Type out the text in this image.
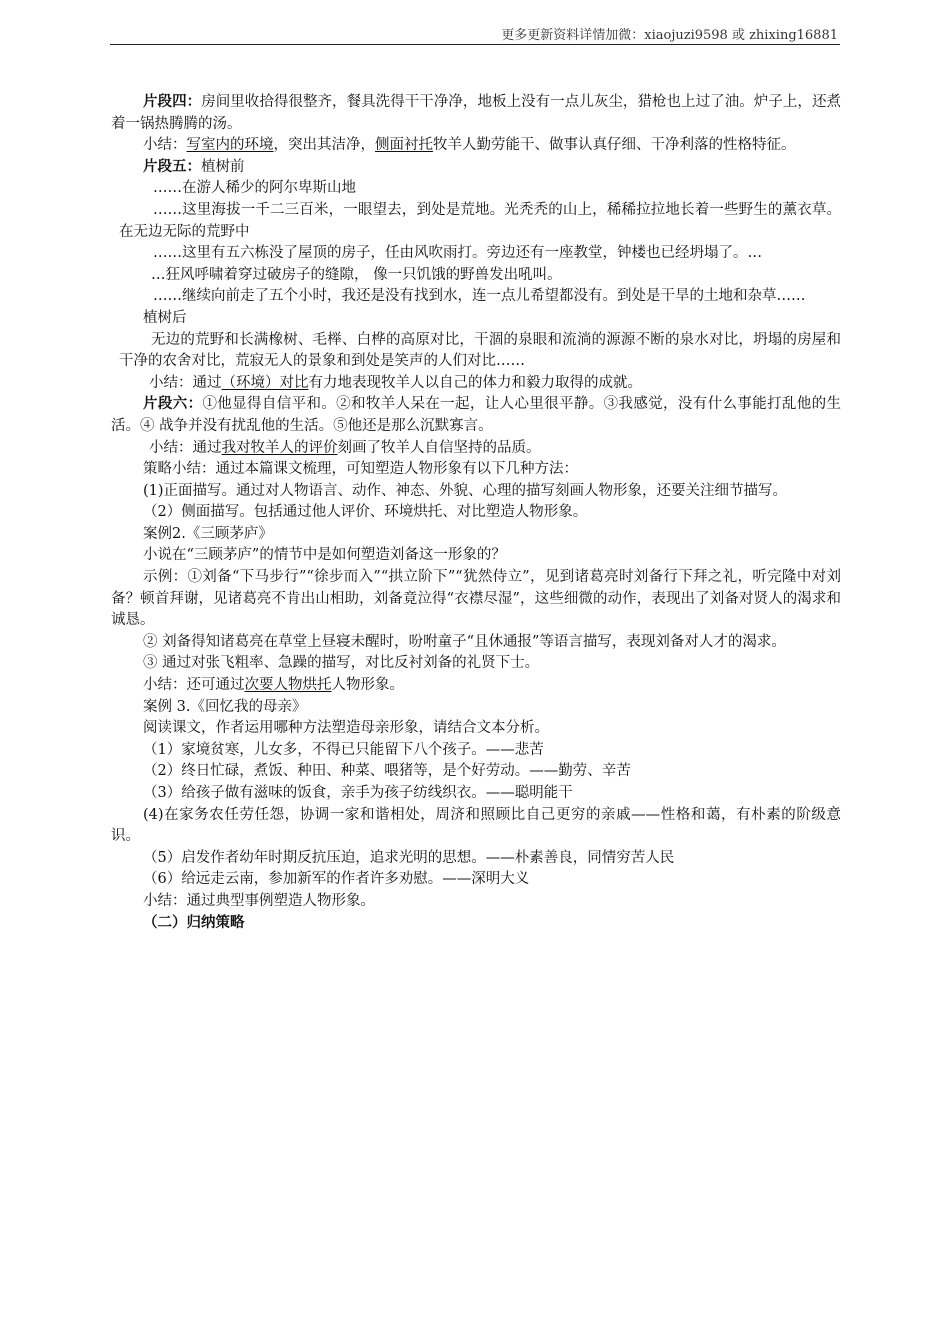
更多更新资料详情加微：xiaojuzi9598 或 zhixing16881

片段四：房间里收拾得很整齐，餐具洗得干干净净，地板上没有一点儿灰尘，猎枪也上过了油。炉子上，还煮着一锅热腾腾的汤。

小结：写室内的环境，突出其洁净，侧面衬托牧羊人勤劳能干、做事认真仔细、干净利落的性格特征。

片段五：植树前

……在游人稀少的阿尔卑斯山地

……这里海拔一千二三百米，一眼望去，到处是荒地。光秃秃的山上，稀稀拉拉地长着一些野生的薰衣草。在无边无际的荒野中

……这里有五六栋没了屋顶的房子，任由风吹雨打。旁边还有一座教堂，钟楼也已经坍塌了。…

…狂风呼啸着穿过破房子的缝隙， 像一只饥饿的野兽发出吼叫。

……继续向前走了五个小时，我还是没有找到水，连一点儿希望都没有。到处是干旱的土地和杂草……

植树后

无边的荒野和长满橡树、毛榉、白桦的高原对比，干涸的泉眼和流淌的源源不断的泉水对比，坍塌的房屋和干净的农舍对比，荒寂无人的景象和到处是笑声的人们对比……

小结：通过（环境）对比有力地表现牧羊人以自己的体力和毅力取得的成就。

片段六：①他显得自信平和。②和牧羊人呆在一起，让人心里很平静。③我感觉，没有什么事能打乱他的生活。④ 战争并没有扰乱他的生活。⑤他还是那么沉默寡言。

小结：通过我对牧羊人的评价刻画了牧羊人自信坚持的品质。

策略小结：通过本篇课文梳理，可知塑造人物形象有以下几种方法：

(1)正面描写。通过对人物语言、动作、神态、外貌、心理的描写刻画人物形象，还要关注细节描写。

（2）侧面描写。包括通过他人评价、环境烘托、对比塑造人物形象。

案例2.《三顾茅庐》

小说在“三顾茅庐”的情节中是如何塑造刘备这一形象的？

示例：①刘备“下马步行”“徐步而入”“拱立阶下”“犹然侍立”，见到诸葛亮时刘备行下拜之礼，听完隆中对刘备？顿首拜谢，见诸葛亮不肯出山相助，刘备竟泣得“衣襟尽湿”，这些细微的动作，表现出了刘备对贤人的渴求和诚恳。

② 刘备得知诸葛亮在草堂上昼寝未醒时，吩咐童子“且休通报”等语言描写，表现刘备对人才的渴求。

③ 通过对张飞粗率、急躁的描写，对比反衬刘备的礼贤下士。

小结：还可通过次要人物烘托人物形象。

案例 3.《回忆我的母亲》

阅读课文，作者运用哪种方法塑造母亲形象，请结合文本分析。

（1）家境贫寒，儿女多，不得已只能留下八个孩子。——悲苦

（2）终日忙碌，煮饭、种田、种菜、喂猪等，是个好劳动。——勤劳、辛苦

（3）给孩子做有滋味的饭食，亲手为孩子纺线织衣。——聪明能干

(4)在家务农任劳任怨，协调一家和谐相处，周济和照顾比自己更穷的亲戚——性格和蔼，有朴素的阶级意识。

（5）启发作者幼年时期反抗压迫，追求光明的思想。——朴素善良，同情穷苦人民

（6）给远走云南，参加新军的作者许多劝慰。——深明大义

小结：通过典型事例塑造人物形象。

（二）归纳策略
